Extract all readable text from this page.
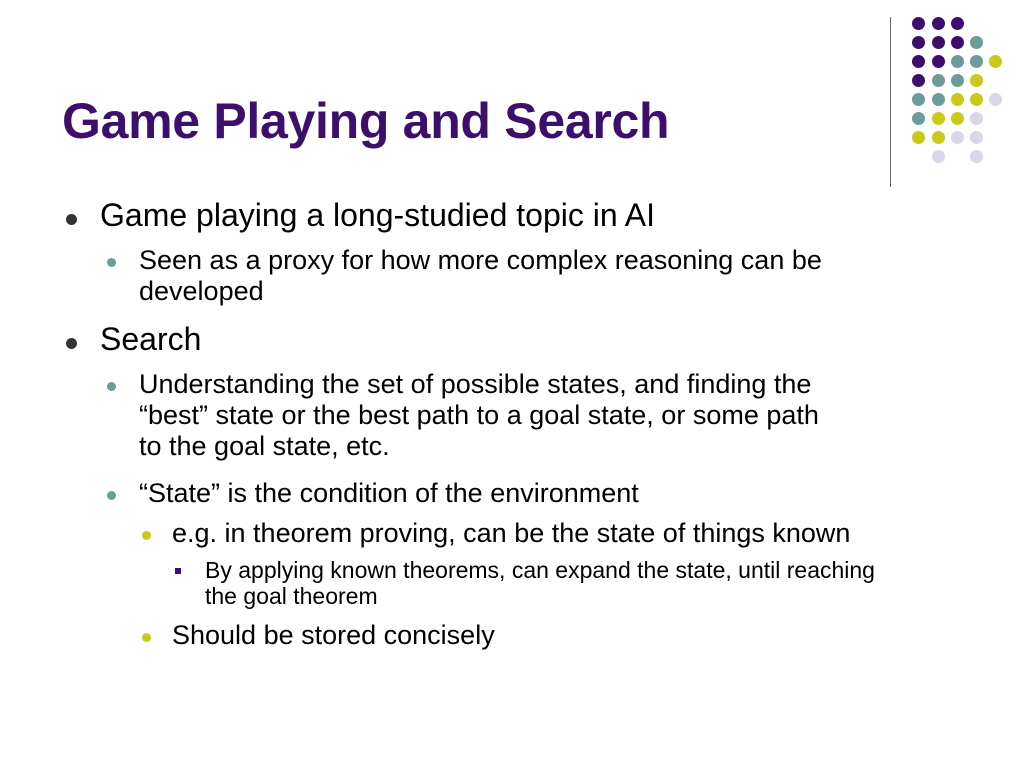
Game Playing and Search
Game playing a long-studied topic in AI
Seen as a proxy for how more complex reasoning can be
developed
Search
Understanding the set of possible states, and finding the
“best” state or the best path to a goal state, or some path
to the goal state, etc.
“State” is the condition of the environment
e.g. in theorem proving, can be the state of things known
By applying known theorems, can expand the state, until reaching
the goal theorem
Should be stored concisely
